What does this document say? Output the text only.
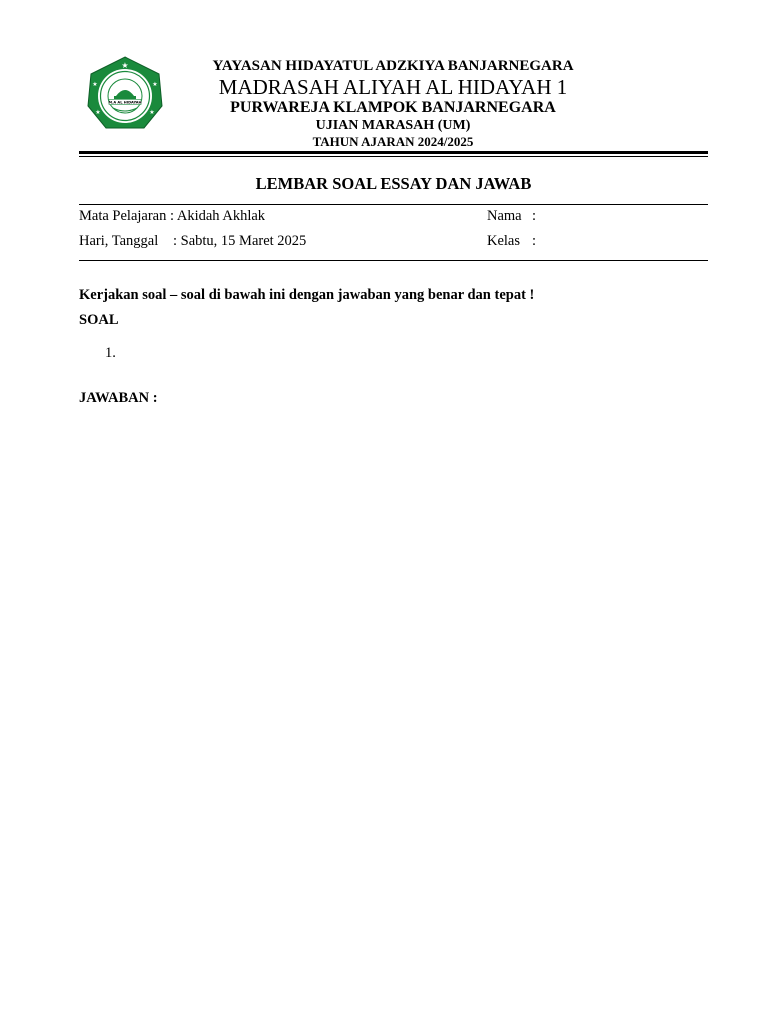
★
★	★
★	★
M.A AL HIDAYAH
YAYASAN HIDAYATUL ADZKIYA BANJARNEGARA
MADRASAH ALIYAH AL HIDAYAH 1
PURWAREJA KLAMPOK BANJARNEGARA
UJIAN MARASAH (UM)
TAHUN AJARAN 2024/2025
LEMBAR SOAL ESSAY DAN JAWAB
Mata Pelajaran : Akidah Akhlak
Hari, Tanggal : Sabtu, 15 Maret 2025
Nama :
Kelas :
Kerjakan soal – soal di bawah ini dengan jawaban yang benar dan tepat !
SOAL
1.
JAWABAN :
